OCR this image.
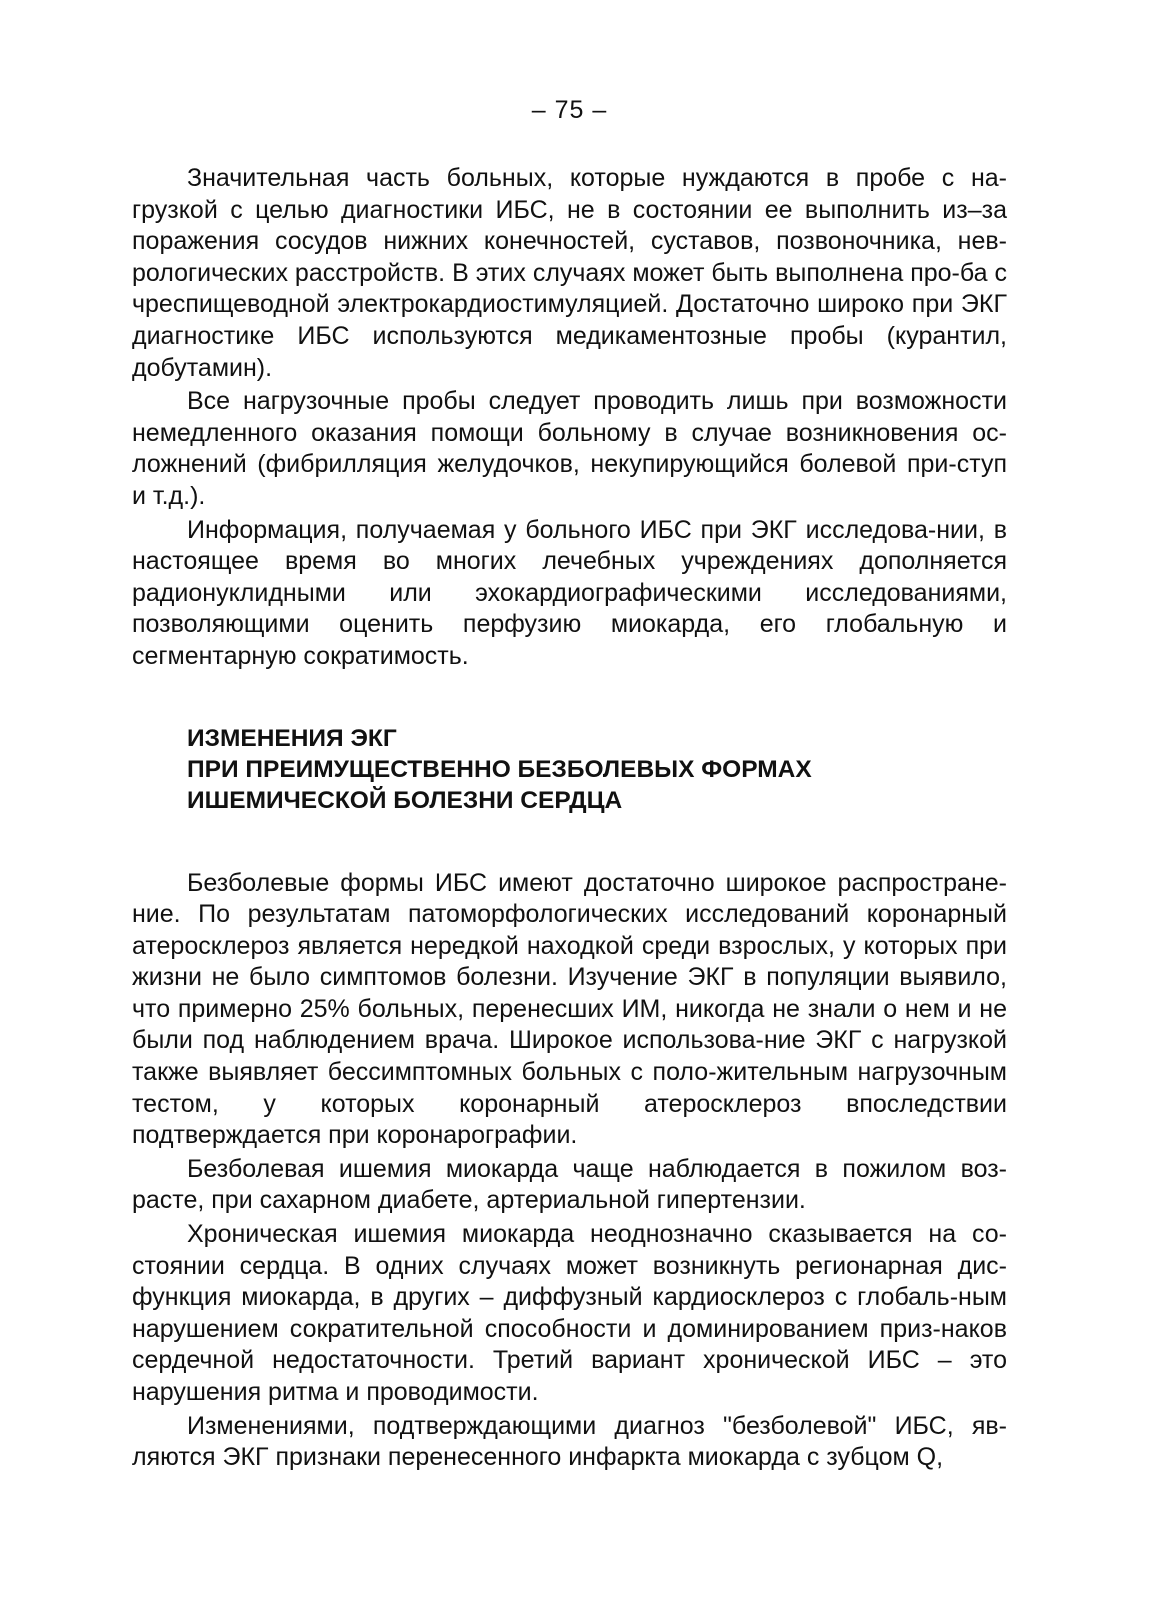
– 75 –

Значительная часть больных, которые нуждаются в пробе с на-грузкой с целью диагностики ИБС, не в состоянии ее выполнить из–за поражения сосудов нижних конечностей, суставов, позвоночника, нев-рологических расстройств. В этих случаях может быть выполнена про-ба с чреспищеводной электрокардиостимуляцией. Достаточно широко при ЭКГ диагностике ИБС используются медикаментозные пробы (курантил, добутамин).

Все нагрузочные пробы следует проводить лишь при возможности немедленного оказания помощи больному в случае возникновения ос-ложнений (фибрилляция желудочков, некупирующийся болевой при-ступ и т.д.).

Информация, получаемая у больного ИБС при ЭКГ исследова-нии, в настоящее время во многих лечебных учреждениях дополняется радионуклидными или эхокардиографическими исследованиями, позволяющими оценить перфузию миокарда, его глобальную и сегментарную сократимость.

ИЗМЕНЕНИЯ ЭКГ
ПРИ ПРЕИМУЩЕСТВЕННО БЕЗБОЛЕВЫХ ФОРМАХ
ИШЕМИЧЕСКОЙ БОЛЕЗНИ СЕРДЦА

Безболевые формы ИБС имеют достаточно широкое распростране-ние. По результатам патоморфологических исследований коронарный атеросклероз является нередкой находкой среди взрослых, у которых при жизни не было симптомов болезни. Изучение ЭКГ в популяции выявило, что примерно 25% больных, перенесших ИМ, никогда не знали о нем и не были под наблюдением врача. Широкое использова-ние ЭКГ с нагрузкой также выявляет бессимптомных больных с поло-жительным нагрузочным тестом, у которых коронарный атеросклероз впоследствии подтверждается при коронарографии.

Безболевая ишемия миокарда чаще наблюдается в пожилом воз-расте, при сахарном диабете, артериальной гипертензии.

Хроническая ишемия миокарда неоднозначно сказывается на со-стоянии сердца. В одних случаях может возникнуть регионарная дис-функция миокарда, в других – диффузный кардиосклероз с глобаль-ным нарушением сократительной способности и доминированием приз-наков сердечной недостаточности. Третий вариант хронической ИБС – это нарушения ритма и проводимости.

Изменениями, подтверждающими диагноз "безболевой" ИБС, яв-ляются ЭКГ признаки перенесенного инфаркта миокарда с зубцом Q,
